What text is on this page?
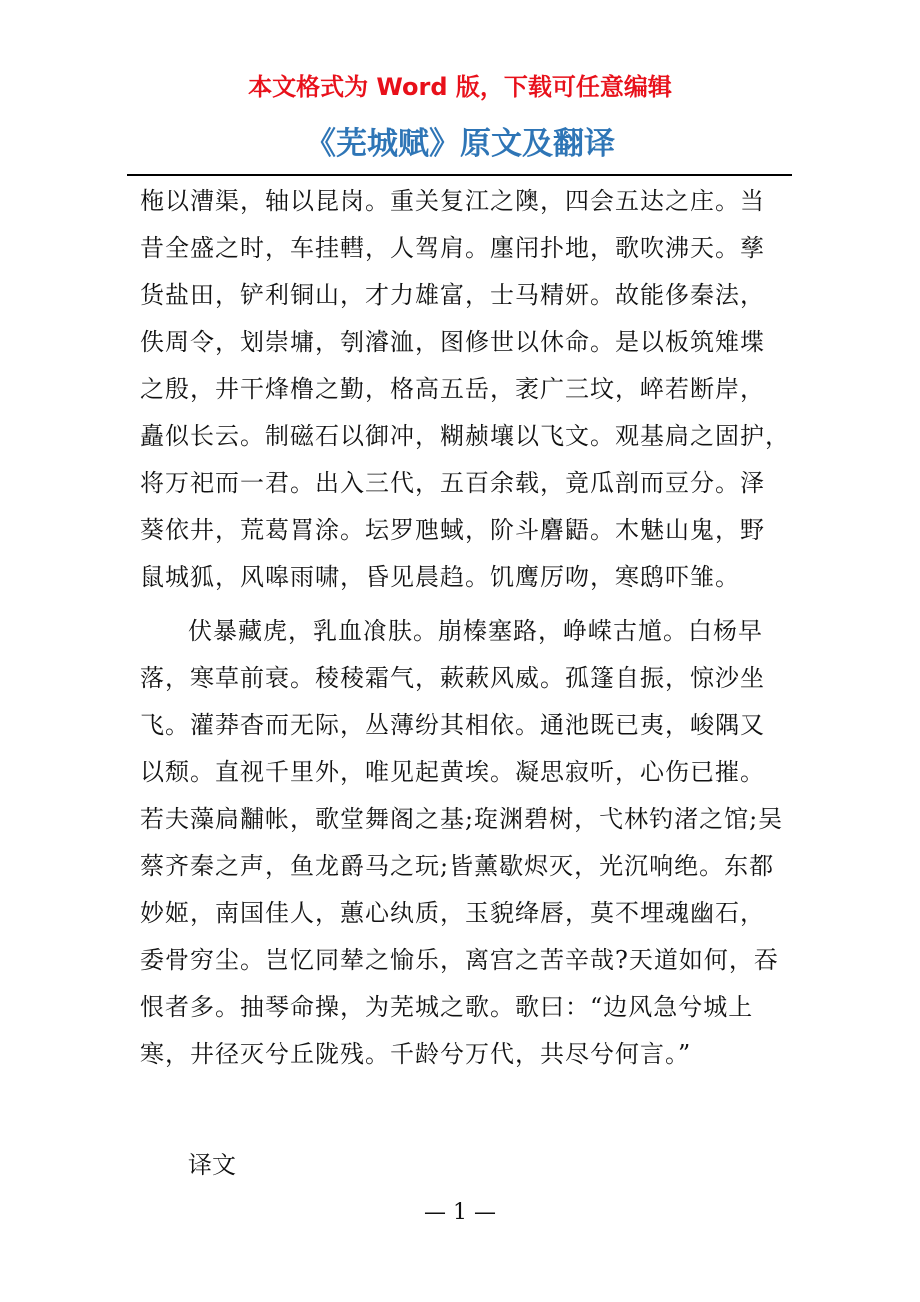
本文格式为 Word 版，下载可任意编辑
《芜城赋》原文及翻译
柂以漕渠，轴以昆岗。重关复江之隩，四会五达之庄。当
昔全盛之时，车挂轊，人驾肩。廛闬扑地，歌吹沸天。孳
货盐田，铲利铜山，才力雄富，士马精妍。故能侈秦法，
佚周令，划崇墉，刳濬洫，图修世以休命。是以板筑雉堞
之殷，井干烽橹之勤，格高五岳，袤广三坟，崪若断岸，
矗似长云。制磁石以御冲，糊赪壤以飞文。观基扃之固护，
将万祀而一君。出入三代，五百余载，竟瓜剖而豆分。泽
葵依井，荒葛罥涂。坛罗虺蜮，阶斗麏鼯。木魅山鬼，野
鼠城狐，风嗥雨啸，昏见晨趋。饥鹰厉吻，寒鸱吓雏。
伏暴藏虎，乳血飡肤。崩榛塞路，峥嵘古馗。白杨早
落，寒草前衰。稜稜霜气，蔌蔌风威。孤篷自振，惊沙坐
飞。灌莽杳而无际，丛薄纷其相依。通池既已夷，峻隅又
以颓。直视千里外，唯见起黄埃。凝思寂听，心伤已摧。
若夫藻扃黼帐，歌堂舞阁之基;琁渊碧树，弋林钓渚之馆;吴
蔡齐秦之声，鱼龙爵马之玩;皆薰歇烬灭，光沉响绝。东都
妙姬，南国佳人，蕙心纨质，玉貌绛唇，莫不埋魂幽石，
委骨穷尘。岂忆同辇之愉乐，离宫之苦辛哉?天道如何，吞
恨者多。抽琴命操，为芜城之歌。歌曰：“边风急兮城上
寒，井径灭兮丘陇残。千龄兮万代，共尽兮何言。”
译文
— 1 —
